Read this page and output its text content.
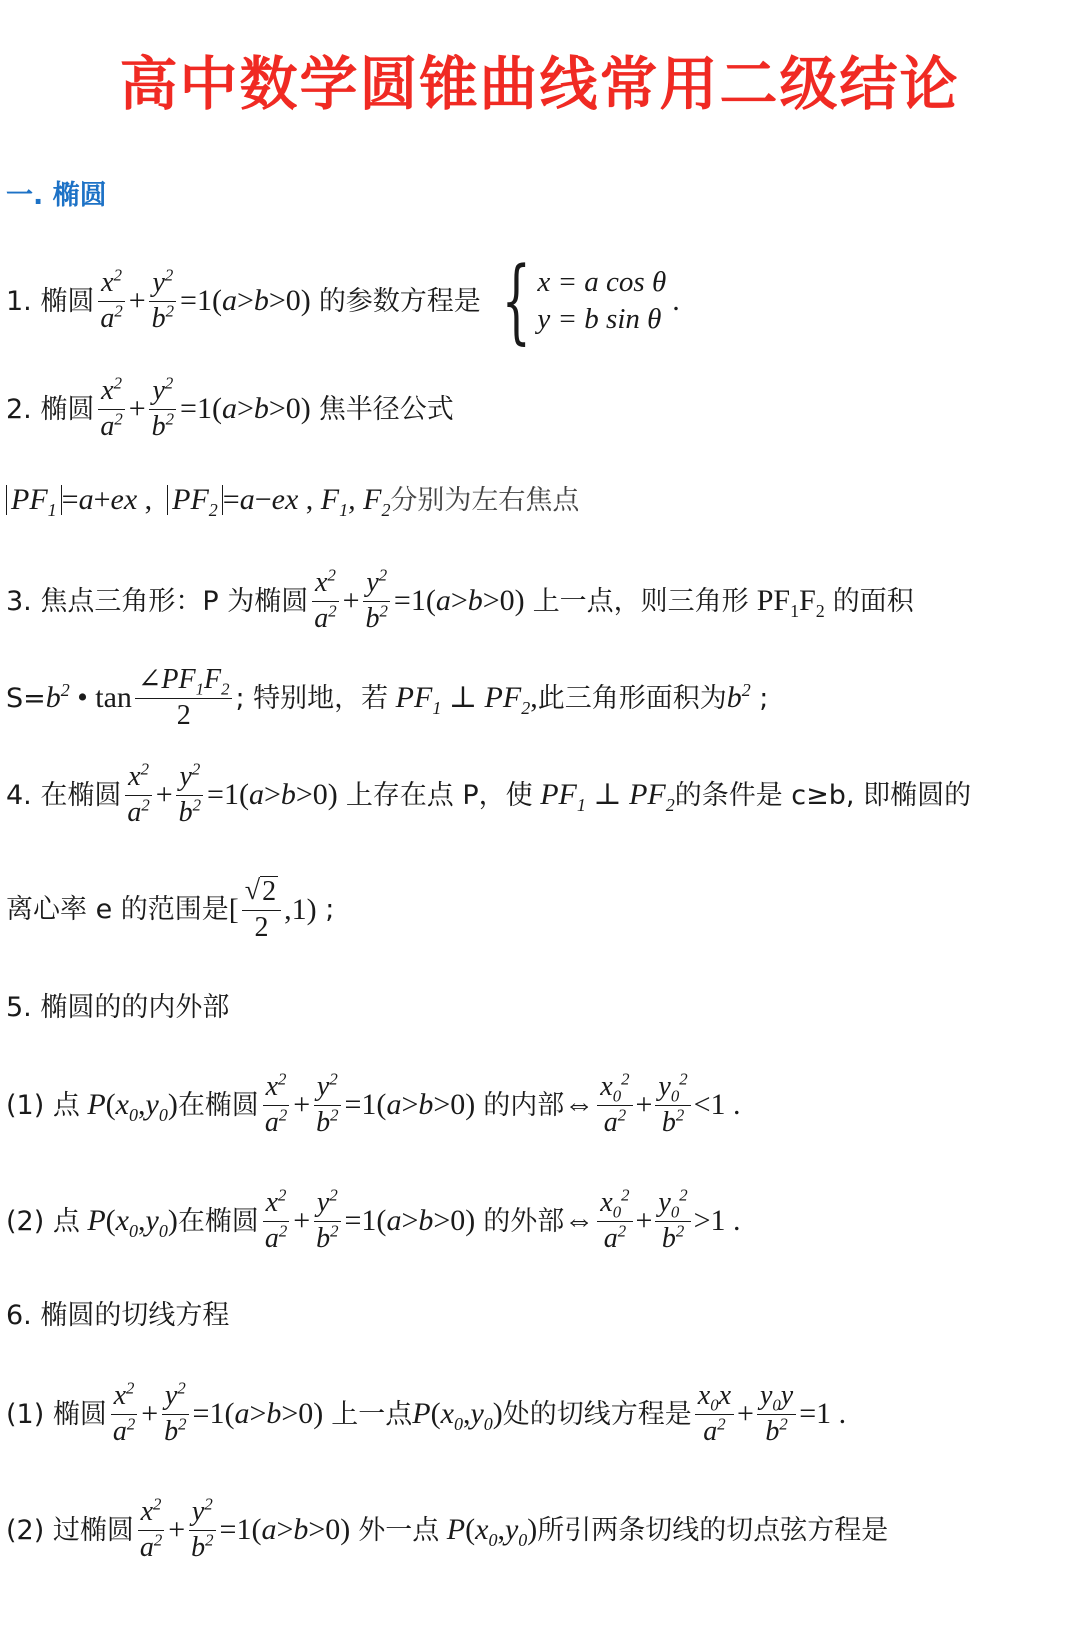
高中数学圆锥曲线常用二级结论
一. 椭圆
1. 椭圆 $\frac{x^2}{a^2} + \frac{y^2}{b^2} =1$( a > b >0) 的参数方程是 { x = a cos θ
y = b sin θ
.
2. 椭圆 $\frac{x^2}{a^2} + \frac{y^2}{b^2} =1$( a > b >0) 焦半径公式
$PF_1 = a$ + ex , $PF_2 = a$ − ex , $F_1$, $F_2$ 分别为左右焦点
3. 焦点三角形：P 为椭圆 $\frac{x^2}{a^2} + \frac{y^2}{b^2} =1$( a > b >0) 上一点，则三角形 $PF_1F_2$ 的面积
$S= b^2$ • $\tan \frac{\angle PF_1F_2}{2}$ ; 特别地，若 $PF_1$ ⊥ $PF_2$ , 此三角形面积为 $b^2$ ;
4. 在椭圆 $\frac{x^2}{a^2} + \frac{y^2}{b^2} =1$( a > b >0) 上存在点 P，使 $PF_1$ ⊥ $PF_2$ 的条件是 c≥b, 即椭圆的
离心率 e 的范围是 [ $\frac{√ 2}{2} ,1$) ;
5. 椭圆的的内外部
(1) 点 P ( $x_0$ , $y_0$ ) 在椭圆 $\frac{x^2}{a^2} + \frac{y^2}{b^2} =1$( a > b >0) 的内部 ⇔ $\frac{x_0^2}{a^2} + \frac{y_0^2}{b^2} <1$ .
(2) 点 P ( $x_0$ , $y_0$ ) 在椭圆 $\frac{x^2}{a^2} + \frac{y^2}{b^2} =1$( a > b >0) 的外部 ⇔ $\frac{x_0^2}{a^2} + \frac{y_0^2}{b^2} >1$ .
6. 椭圆的切线方程
(1) 椭圆 $\frac{x^2}{a^2} + \frac{y^2}{b^2} =1$( a > b >0) 上一点 P ( $x_0$ , $y_0$ ) 处的切线方程是 $\frac{x_0x}{a^2} + \frac{y_0y}{b^2} =1$ .
(2) 过椭圆 $\frac{x^2}{a^2} + \frac{y^2}{b^2} =1$( a > b >0) 外一点 P ( $x_0$ , $y_0$ ) 所引两条切线的切点弦方程是
